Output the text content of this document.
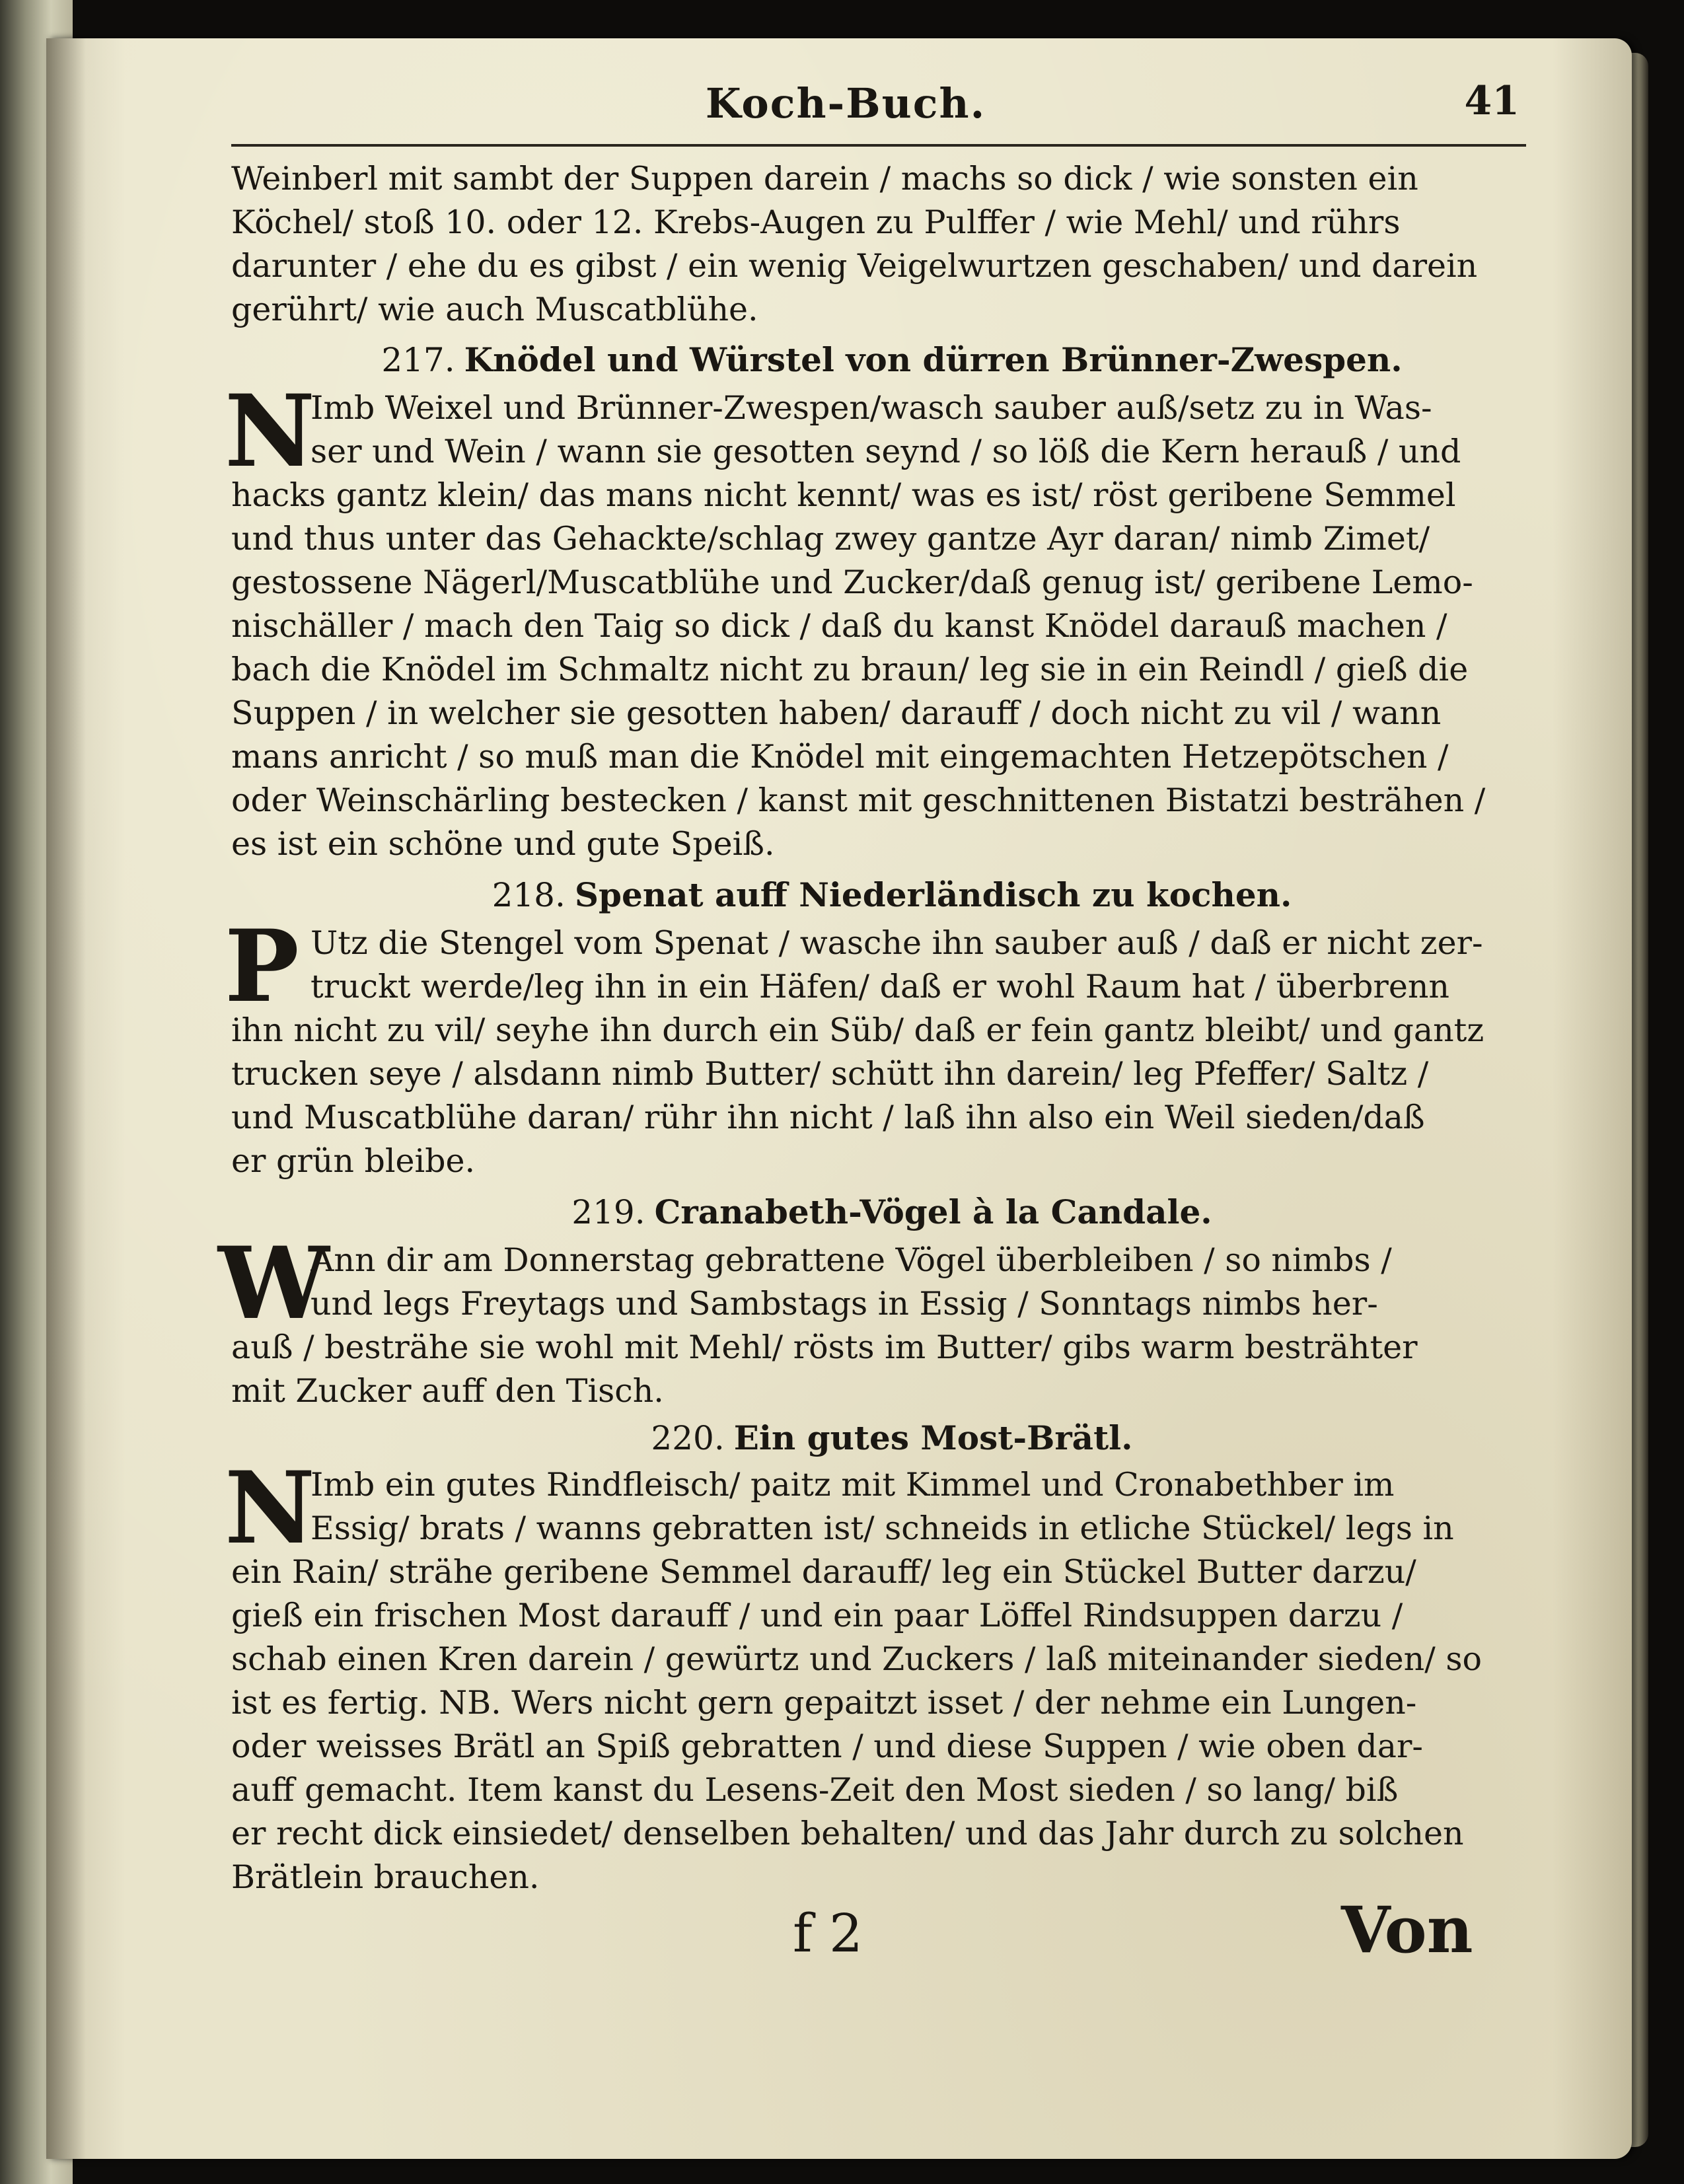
Koch-Buch.	41
Weinberl mit sambt der Suppen darein / machs so dick / wie sonsten ein
Köchel/ stoß 10. oder 12. Krebs-Augen zu Pulffer / wie Mehl/ und rührs
darunter / ehe du es gibst / ein wenig Veigelwurtzen geschaben/ und darein
gerührt/ wie auch Muscatblühe.
217. Knödel und Würstel von dürren Brünner-Zwespen.
N
Imb Weixel und Brünner-Zwespen/wasch sauber auß/setz zu in Was-
ser und Wein / wann sie gesotten seynd / so löß die Kern herauß / und
hacks gantz klein/ das mans nicht kennt/ was es ist/ röst geribene Semmel
und thus unter das Gehackte/schlag zwey gantze Ayr daran/ nimb Zimet/
gestossene Nägerl/Muscatblühe und Zucker/daß genug ist/ geribene Lemo-
nischäller / mach den Taig so dick / daß du kanst Knödel darauß machen /
bach die Knödel im Schmaltz nicht zu braun/ leg sie in ein Reindl / gieß die
Suppen / in welcher sie gesotten haben/ darauff / doch nicht zu vil / wann
mans anricht / so muß man die Knödel mit eingemachten Hetzepötschen /
oder Weinschärling bestecken / kanst mit geschnittenen Bistatzi besträhen /
es ist ein schöne und gute Speiß.
218. Spenat auff Niederländisch zu kochen.
P Utz die Stengel vom Spenat / wasche ihn sauber auß / daß er nicht zer-
truckt werde/leg ihn in ein Häfen/ daß er wohl Raum hat / überbrenn
ihn nicht zu vil/ seyhe ihn durch ein Süb/ daß er fein gantz bleibt/ und gantz
trucken seye / alsdann nimb Butter/ schütt ihn darein/ leg Pfeffer/ Saltz /
und Muscatblühe daran/ rühr ihn nicht / laß ihn also ein Weil sieden/daß
er grün bleibe.
219. Cranabeth-Vögel à la Candale.
W
Ann dir am Donnerstag gebrattene Vögel überbleiben / so nimbs /
und legs Freytags und Sambstags in Essig / Sonntags nimbs her-
auß / besträhe sie wohl mit Mehl/ rösts im Butter/ gibs warm besträhter
mit Zucker auff den Tisch.
220. Ein gutes Most-Brätl.
N
Imb ein gutes Rindfleisch/ paitz mit Kimmel und Cronabethber im
Essig/ brats / wanns gebratten ist/ schneids in etliche Stückel/ legs in
ein Rain/ strähe geribene Semmel darauff/ leg ein Stückel Butter darzu/
gieß ein frischen Most darauff / und ein paar Löffel Rindsuppen darzu /
schab einen Kren darein / gewürtz und Zuckers / laß miteinander sieden/ so
ist es fertig. NB. Wers nicht gern gepaitzt isset / der nehme ein Lungen-
oder weisses Brätl an Spiß gebratten / und diese Suppen / wie oben dar-
auff gemacht. Item kanst du Lesens-Zeit den Most sieden / so lang/ biß
er recht dick einsiedet/ denselben behalten/ und das Jahr durch zu solchen
Brätlein brauchen.
f 2	Von
